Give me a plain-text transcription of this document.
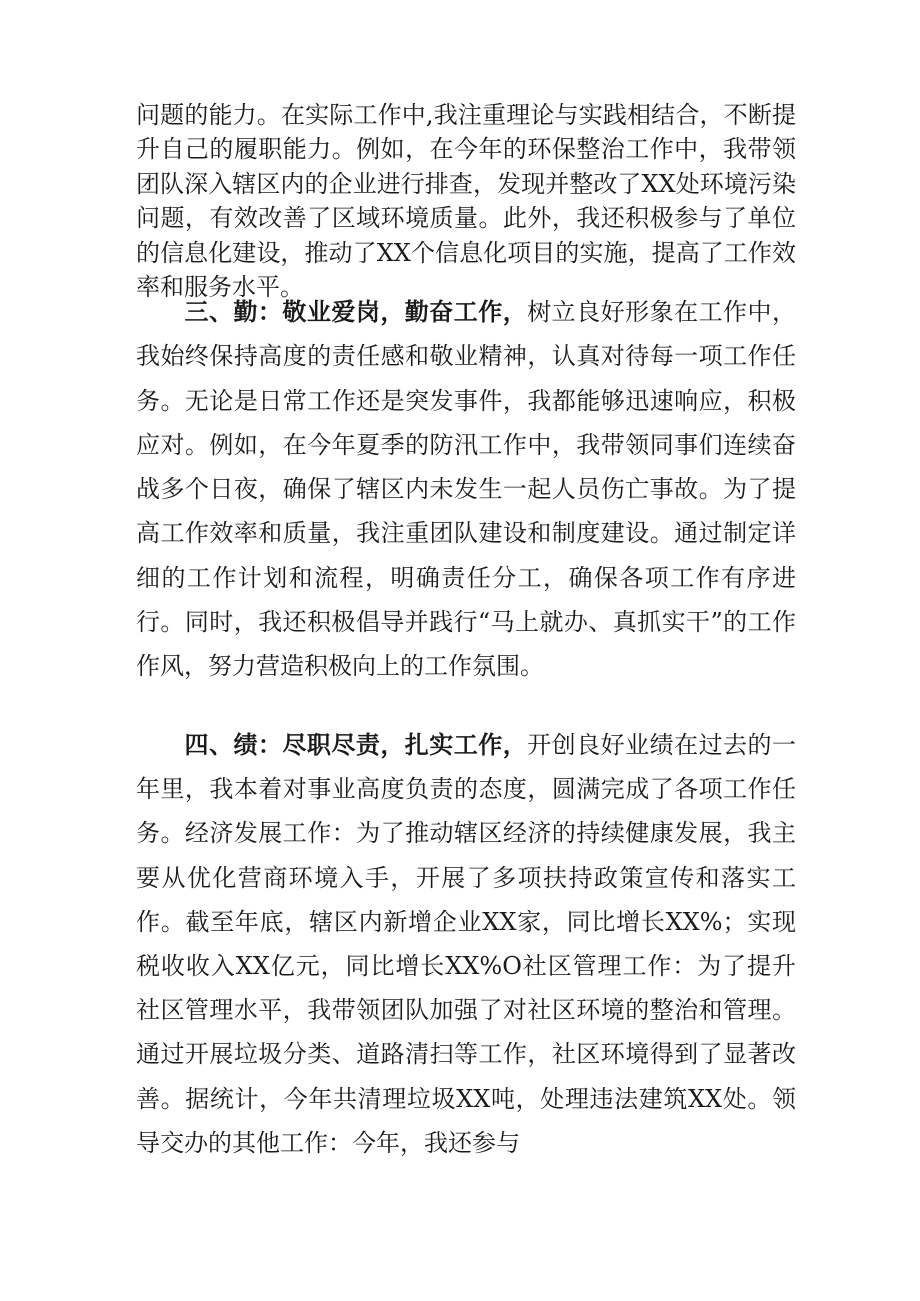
问题的能力。在实际工作中,我注重理论与实践相结合，不断提升自己的履职能力。例如，在今年的环保整治工作中，我带领团队深入辖区内的企业进行排查，发现并整改了XX处环境污染问题，有效改善了区域环境质量。此外，我还积极参与了单位的信息化建设，推动了XX个信息化项目的实施，提高了工作效率和服务水平。
三、勤：敬业爱岗，勤奋工作，树立良好形象在工作中，我始终保持高度的责任感和敬业精神，认真对待每一项工作任务。无论是日常工作还是突发事件，我都能够迅速响应，积极应对。例如，在今年夏季的防汛工作中，我带领同事们连续奋战多个日夜，确保了辖区内未发生一起人员伤亡事故。为了提高工作效率和质量，我注重团队建设和制度建设。通过制定详细的工作计划和流程，明确责任分工，确保各项工作有序进行。同时，我还积极倡导并践行“马上就办、真抓实干”的工作作风，努力营造积极向上的工作氛围。
四、绩：尽职尽责，扎实工作，开创良好业绩在过去的一年里，我本着对事业高度负责的态度，圆满完成了各项工作任务。经济发展工作：为了推动辖区经济的持续健康发展，我主要从优化营商环境入手，开展了多项扶持政策宣传和落实工作。截至年底，辖区内新增企业XX家，同比增长XX%；实现税收收入XX亿元，同比增长XX%O社区管理工作：为了提升社区管理水平，我带领团队加强了对社区环境的整治和管理。通过开展垃圾分类、道路清扫等工作，社区环境得到了显著改善。据统计，今年共清理垃圾XX吨，处理违法建筑XX处。领导交办的其他工作：今年，我还参与
